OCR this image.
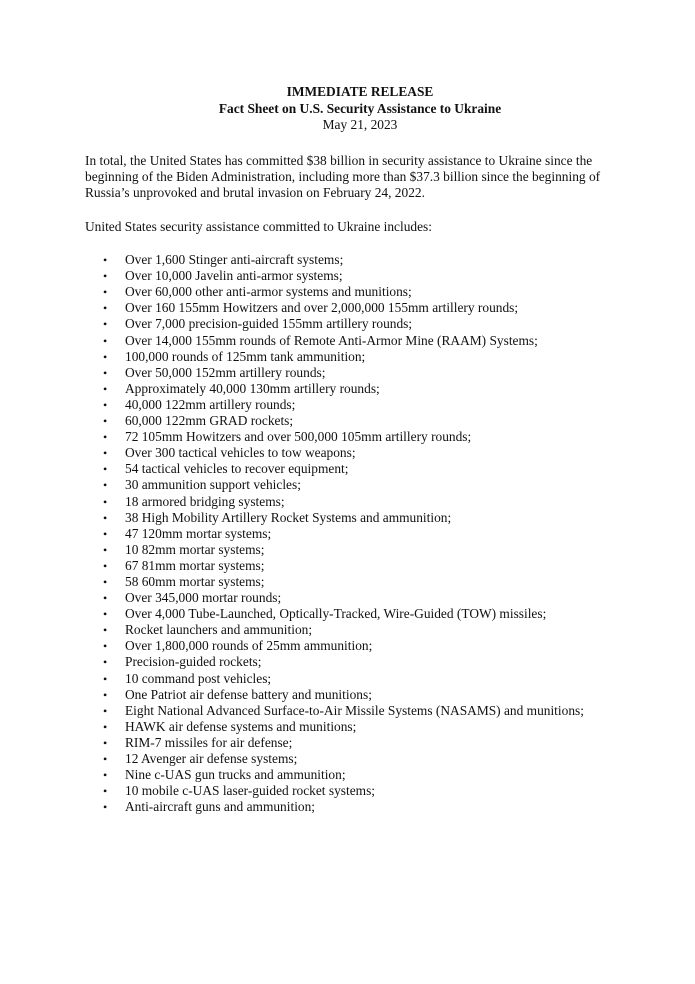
IMMEDIATE RELEASE
Fact Sheet on U.S. Security Assistance to Ukraine
May 21, 2023

In total, the United States has committed $38 billion in security assistance to Ukraine since the beginning of the Biden Administration, including more than $37.3 billion since the beginning of Russia’s unprovoked and brutal invasion on February 24, 2022.

United States security assistance committed to Ukraine includes:

• Over 1,600 Stinger anti-aircraft systems;
• Over 10,000 Javelin anti-armor systems;
• Over 60,000 other anti-armor systems and munitions;
• Over 160 155mm Howitzers and over 2,000,000 155mm artillery rounds;
• Over 7,000 precision-guided 155mm artillery rounds;
• Over 14,000 155mm rounds of Remote Anti-Armor Mine (RAAM) Systems;
• 100,000 rounds of 125mm tank ammunition;
• Over 50,000 152mm artillery rounds;
• Approximately 40,000 130mm artillery rounds;
• 40,000 122mm artillery rounds;
• 60,000 122mm GRAD rockets;
• 72 105mm Howitzers and over 500,000 105mm artillery rounds;
• Over 300 tactical vehicles to tow weapons;
• 54 tactical vehicles to recover equipment;
• 30 ammunition support vehicles;
• 18 armored bridging systems;
• 38 High Mobility Artillery Rocket Systems and ammunition;
• 47 120mm mortar systems;
• 10 82mm mortar systems;
• 67 81mm mortar systems;
• 58 60mm mortar systems;
• Over 345,000 mortar rounds;
• Over 4,000 Tube-Launched, Optically-Tracked, Wire-Guided (TOW) missiles;
• Rocket launchers and ammunition;
• Over 1,800,000 rounds of 25mm ammunition;
• Precision-guided rockets;
• 10 command post vehicles;
• One Patriot air defense battery and munitions;
• Eight National Advanced Surface-to-Air Missile Systems (NASAMS) and munitions;
• HAWK air defense systems and munitions;
• RIM-7 missiles for air defense;
• 12 Avenger air defense systems;
• Nine c-UAS gun trucks and ammunition;
• 10 mobile c-UAS laser-guided rocket systems;
• Anti-aircraft guns and ammunition;
